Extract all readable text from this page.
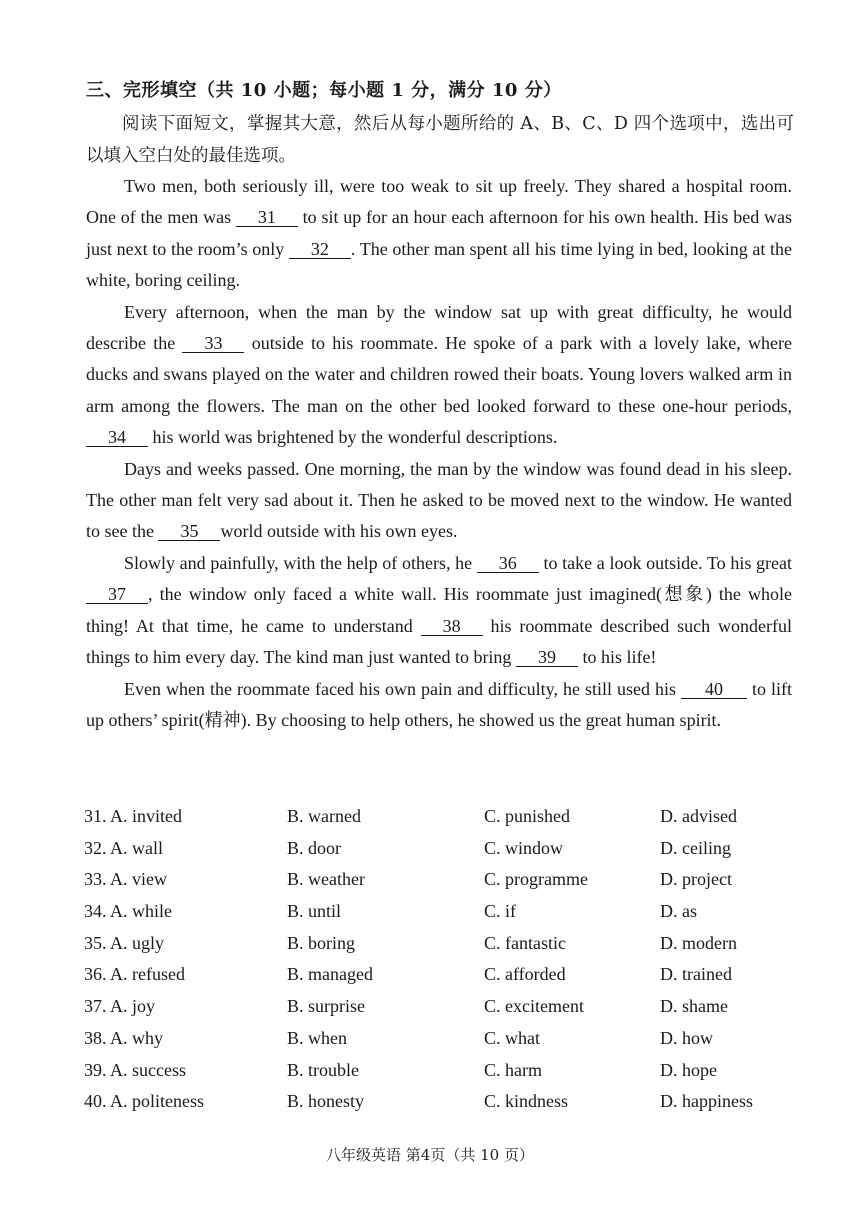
三、完形填空（共 10 小题；每小题 1 分，满分 10 分）
阅读下面短文，掌握其大意，然后从每小题所给的 A、B、C、D 四个选项中，选出可以填入空白处的最佳选项。

Two men, both seriously ill, were too weak to sit up freely. They shared a hospital room. One of the men was 31 to sit up for an hour each afternoon for his own health. His bed was just next to the room’s only 32 . The other man spent all his time lying in bed, looking at the white, boring ceiling.

Every afternoon, when the man by the window sat up with great difficulty, he would describe the 33 outside to his roommate. He spoke of a park with a lovely lake, where ducks and swans played on the water and children rowed their boats. Young lovers walked arm in arm among the flowers. The man on the other bed looked forward to these one-hour periods, 34 his world was brightened by the wonderful descriptions.

Days and weeks passed. One morning, the man by the window was found dead in his sleep. The other man felt very sad about it. Then he asked to be moved next to the window. He wanted to see the 35 world outside with his own eyes.

Slowly and painfully, with the help of others, he 36 to take a look outside. To his great 37 , the window only faced a white wall. His roommate just imagined(想象) the whole thing! At that time, he came to understand 38 his roommate described such wonderful things to him every day. The kind man just wanted to bring 39 to his life!

Even when the roommate faced his own pain and difficulty, he still used his 40 to lift up others’ spirit(精神). By choosing to help others, he showed us the great human spirit.

31. A. invited	B. warned	C. punished	D. advised
32. A. wall	B. door	C. window	D. ceiling
33. A. view	B. weather	C. programme	D. project
34. A. while	B. until	C. if	D. as
35. A. ugly	B. boring	C. fantastic	D. modern
36. A. refused	B. managed	C. afforded	D. trained
37. A. joy	B. surprise	C. excitement	D. shame
38. A. why	B. when	C. what	D. how
39. A. success	B. trouble	C. harm	D. hope
40. A. politeness	B. honesty	C. kindness	D. happiness
八年级英语 第4页（共 10 页）
